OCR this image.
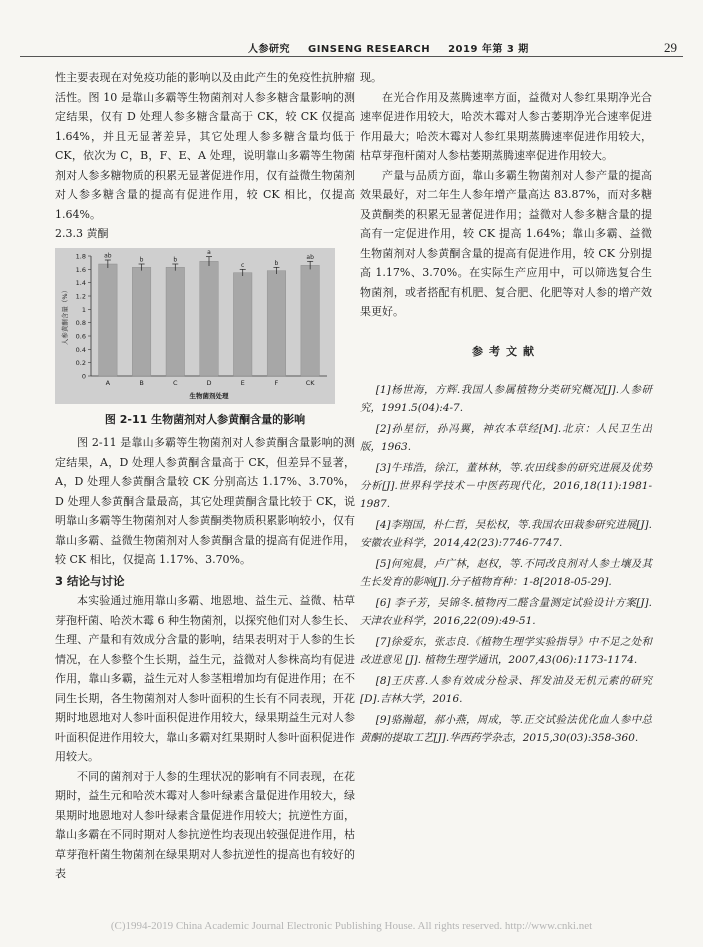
人参研究 GINSENG RESEARCH 2019 年第 3 期	29

性主要表现在对免疫功能的影响以及由此产生的免疫性抗肿瘤活性。图 10 是靠山多霸等生物菌剂对人参多糖含量影响的测定结果，仅有 D 处理人参多糖含量高于 CK，较 CK 仅提高 1.64%，并且无显著差异，其它处理人参多糖含量均低于 CK，依次为 C，B，F、E、A 处理，说明靠山多霸等生物菌剂对人参多糖物质的积累无显著促进作用，仅有益微生物菌剂对人参多糖含量的提高有促进作用，较 CK 相比，仅提高 1.64%。

2.3.3 黄酮

0
0.2
0.4
0.6
0.8
1
1.2
1.4
1.6
1.8	ab
A
b
B
b
C
a
D
c
E
b
F
ab
CK
生物菌剂处理
人参黄酮含量（%）
图 2-11 生物菌剂对人参黄酮含量的影响

图 2-11 是靠山多霸等生物菌剂对人参黄酮含量影响的测定结果，A，D 处理人参黄酮含量高于 CK，但差异不显著，A，D 处理人参黄酮含量较 CK 分别高达 1.17%、3.70%，D 处理人参黄酮含量最高，其它处理黄酮含量比较于 CK，说明靠山多霸等生物菌剂对人参黄酮类物质积累影响较小，仅有靠山多霸、益微生物菌剂对人参黄酮含量的提高有促进作用，较 CK 相比，仅提高 1.17%、3.70%。

3 结论与讨论

本实验通过施用靠山多霸、地恩地、益生元、益微、枯草芽孢杆菌、哈茨木霉 6 种生物菌剂，以探究他们对人参生长、生理、产量和有效成分含量的影响，结果表明对于人参的生长情况，在人参整个生长期，益生元，益微对人参株高均有促进作用，靠山多霸，益生元对人参茎粗增加均有促进作用；在不同生长期，各生物菌剂对人参叶面积的生长有不同表现，开花期时地恩地对人参叶面积促进作用较大，绿果期益生元对人参叶面积促进作用较大，靠山多霸对红果期时人参叶面积促进作用较大。

不同的菌剂对于人参的生理状况的影响有不同表现，在花期时，益生元和哈茨木霉对人参叶绿素含量促进作用较大，绿果期时地恩地对人参叶绿素含量促进作用较大；抗逆性方面，靠山多霸在不同时期对人参抗逆性均表现出较强促进作用，枯草芽孢杆菌生物菌剂在绿果期对人参抗逆性的提高也有较好的表

现。

在光合作用及蒸腾速率方面，益微对人参红果期净光合速率促进作用较大，哈茨木霉对人参古萎期净光合速率促进作用最大；哈茨木霉对人参红果期蒸腾速率促进作用较大，枯草芽孢杆菌对人参枯萎期蒸腾速率促进作用较大。

产量与品质方面，靠山多霸生物菌剂对人参产量的提高效果最好，对二年生人参年增产量高达 83.87%，而对多糖及黄酮类的积累无显著促进作用；益微对人参多糖含量的提高有一定促进作用，较 CK 提高 1.64%；靠山多霸、益微生物菌剂对人参黄酮含量的提高有促进作用，较 CK 分别提高 1.17%、3.70%。在实际生产应用中，可以筛选复合生物菌剂，或者搭配有机肥、复合肥、化肥等对人参的增产效果更好。

参考文献

[1]杨世海，方辉.我国人参属植物分类研究概况[J].人参研究，1991.5(04):4-7.

[2]孙星衍，孙冯翼，神农本草经[M].北京：人民卫生出版，1963.

[3]牛玮浩，徐江，董林林，等.农田线参的研究进展及优势分析[J].世界科学技术－中医药现代化，2016,18(11):1981-1987.

[4]李翔国，朴仁哲，吴松权，等.我国农田栽参研究进展[J].安徽农业科学，2014,42(23):7746-7747.

[5]何宛晨，卢广林，赵权，等.不同改良剂对人参土壤及其生长发育的影响[J].分子植物育种：1-8[2018-05-29].

[6] 李子芳，吴锦冬.植物丙二醛含量测定试验设计方案[J].天津农业科学，2016,22(09):49-51.

[7]徐爱东，张志良.《植物生理学实验指导》中不足之处和改进意见 [J]. 植物生理学通讯，2007,43(06):1173-1174.

[8]王庆喜.人参有效成分检录、挥发油及无机元素的研究[D].吉林大学，2016.

[9]骆瀚超，郝小燕，周成，等.正交试验法优化血人参中总黄酮的提取工艺[J].华西药学杂志，2015,30(03):358-360.

(C)1994-2019 China Academic Journal Electronic Publishing House. All rights reserved. http://www.cnki.net
